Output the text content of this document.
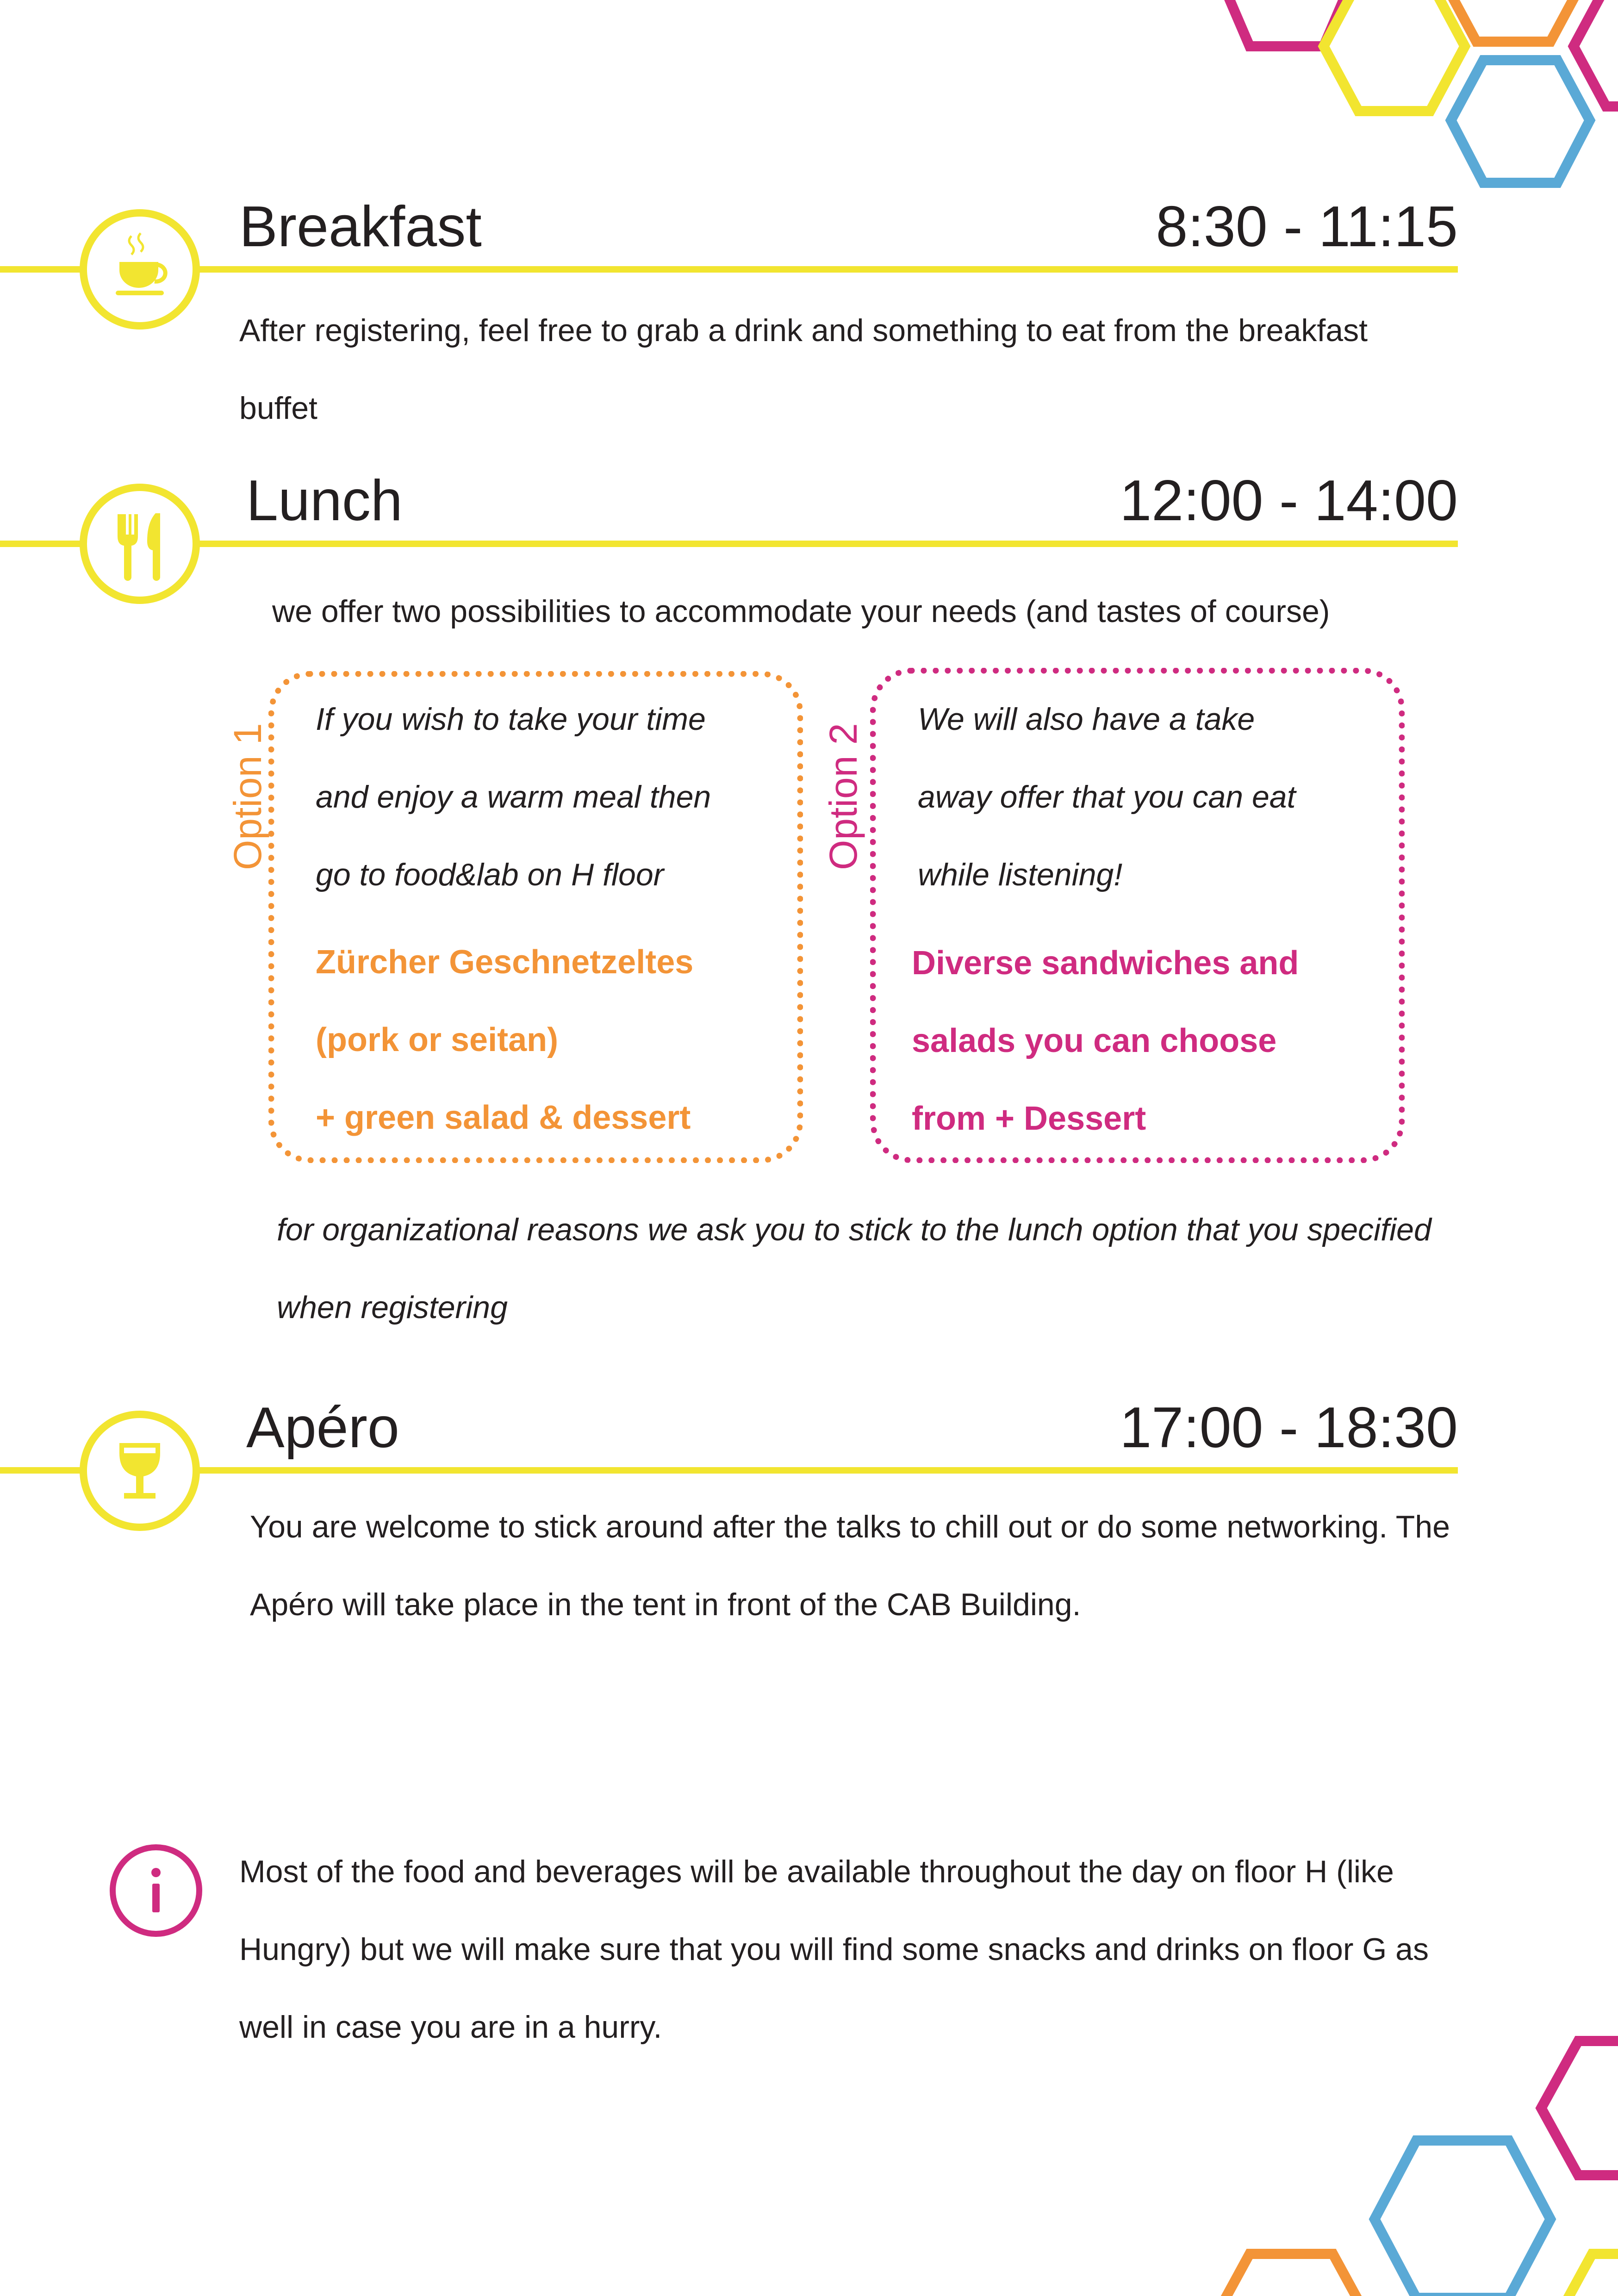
Breakfast	8:30 - 11:15
After registering, feel free to grab a drink and something to eat from the breakfast buffet
Lunch	12:00 - 14:00
we offer two possibilities to accommodate your needs (and tastes of course)
Option 1
If you wish to take your time
and enjoy a warm meal then
go to food&lab on H floor
Zürcher Geschnetzeltes
(pork or seitan)
+ green salad & dessert
Option 2
We will also have a take
away offer that you can eat
while listening!
Diverse sandwiches and
salads you can choose
from + Dessert
for organizational reasons we ask you to stick to the lunch option that you specified when registering
Apéro	17:00 - 18:30
You are welcome to stick around after the talks to chill out or do some networking. The Apéro will take place in the tent in front of the CAB Building.
Most of the food and beverages will be available throughout the day on floor H (like Hungry) but we will make sure that you will find some snacks and drinks on floor G as well in case you are in a hurry.
